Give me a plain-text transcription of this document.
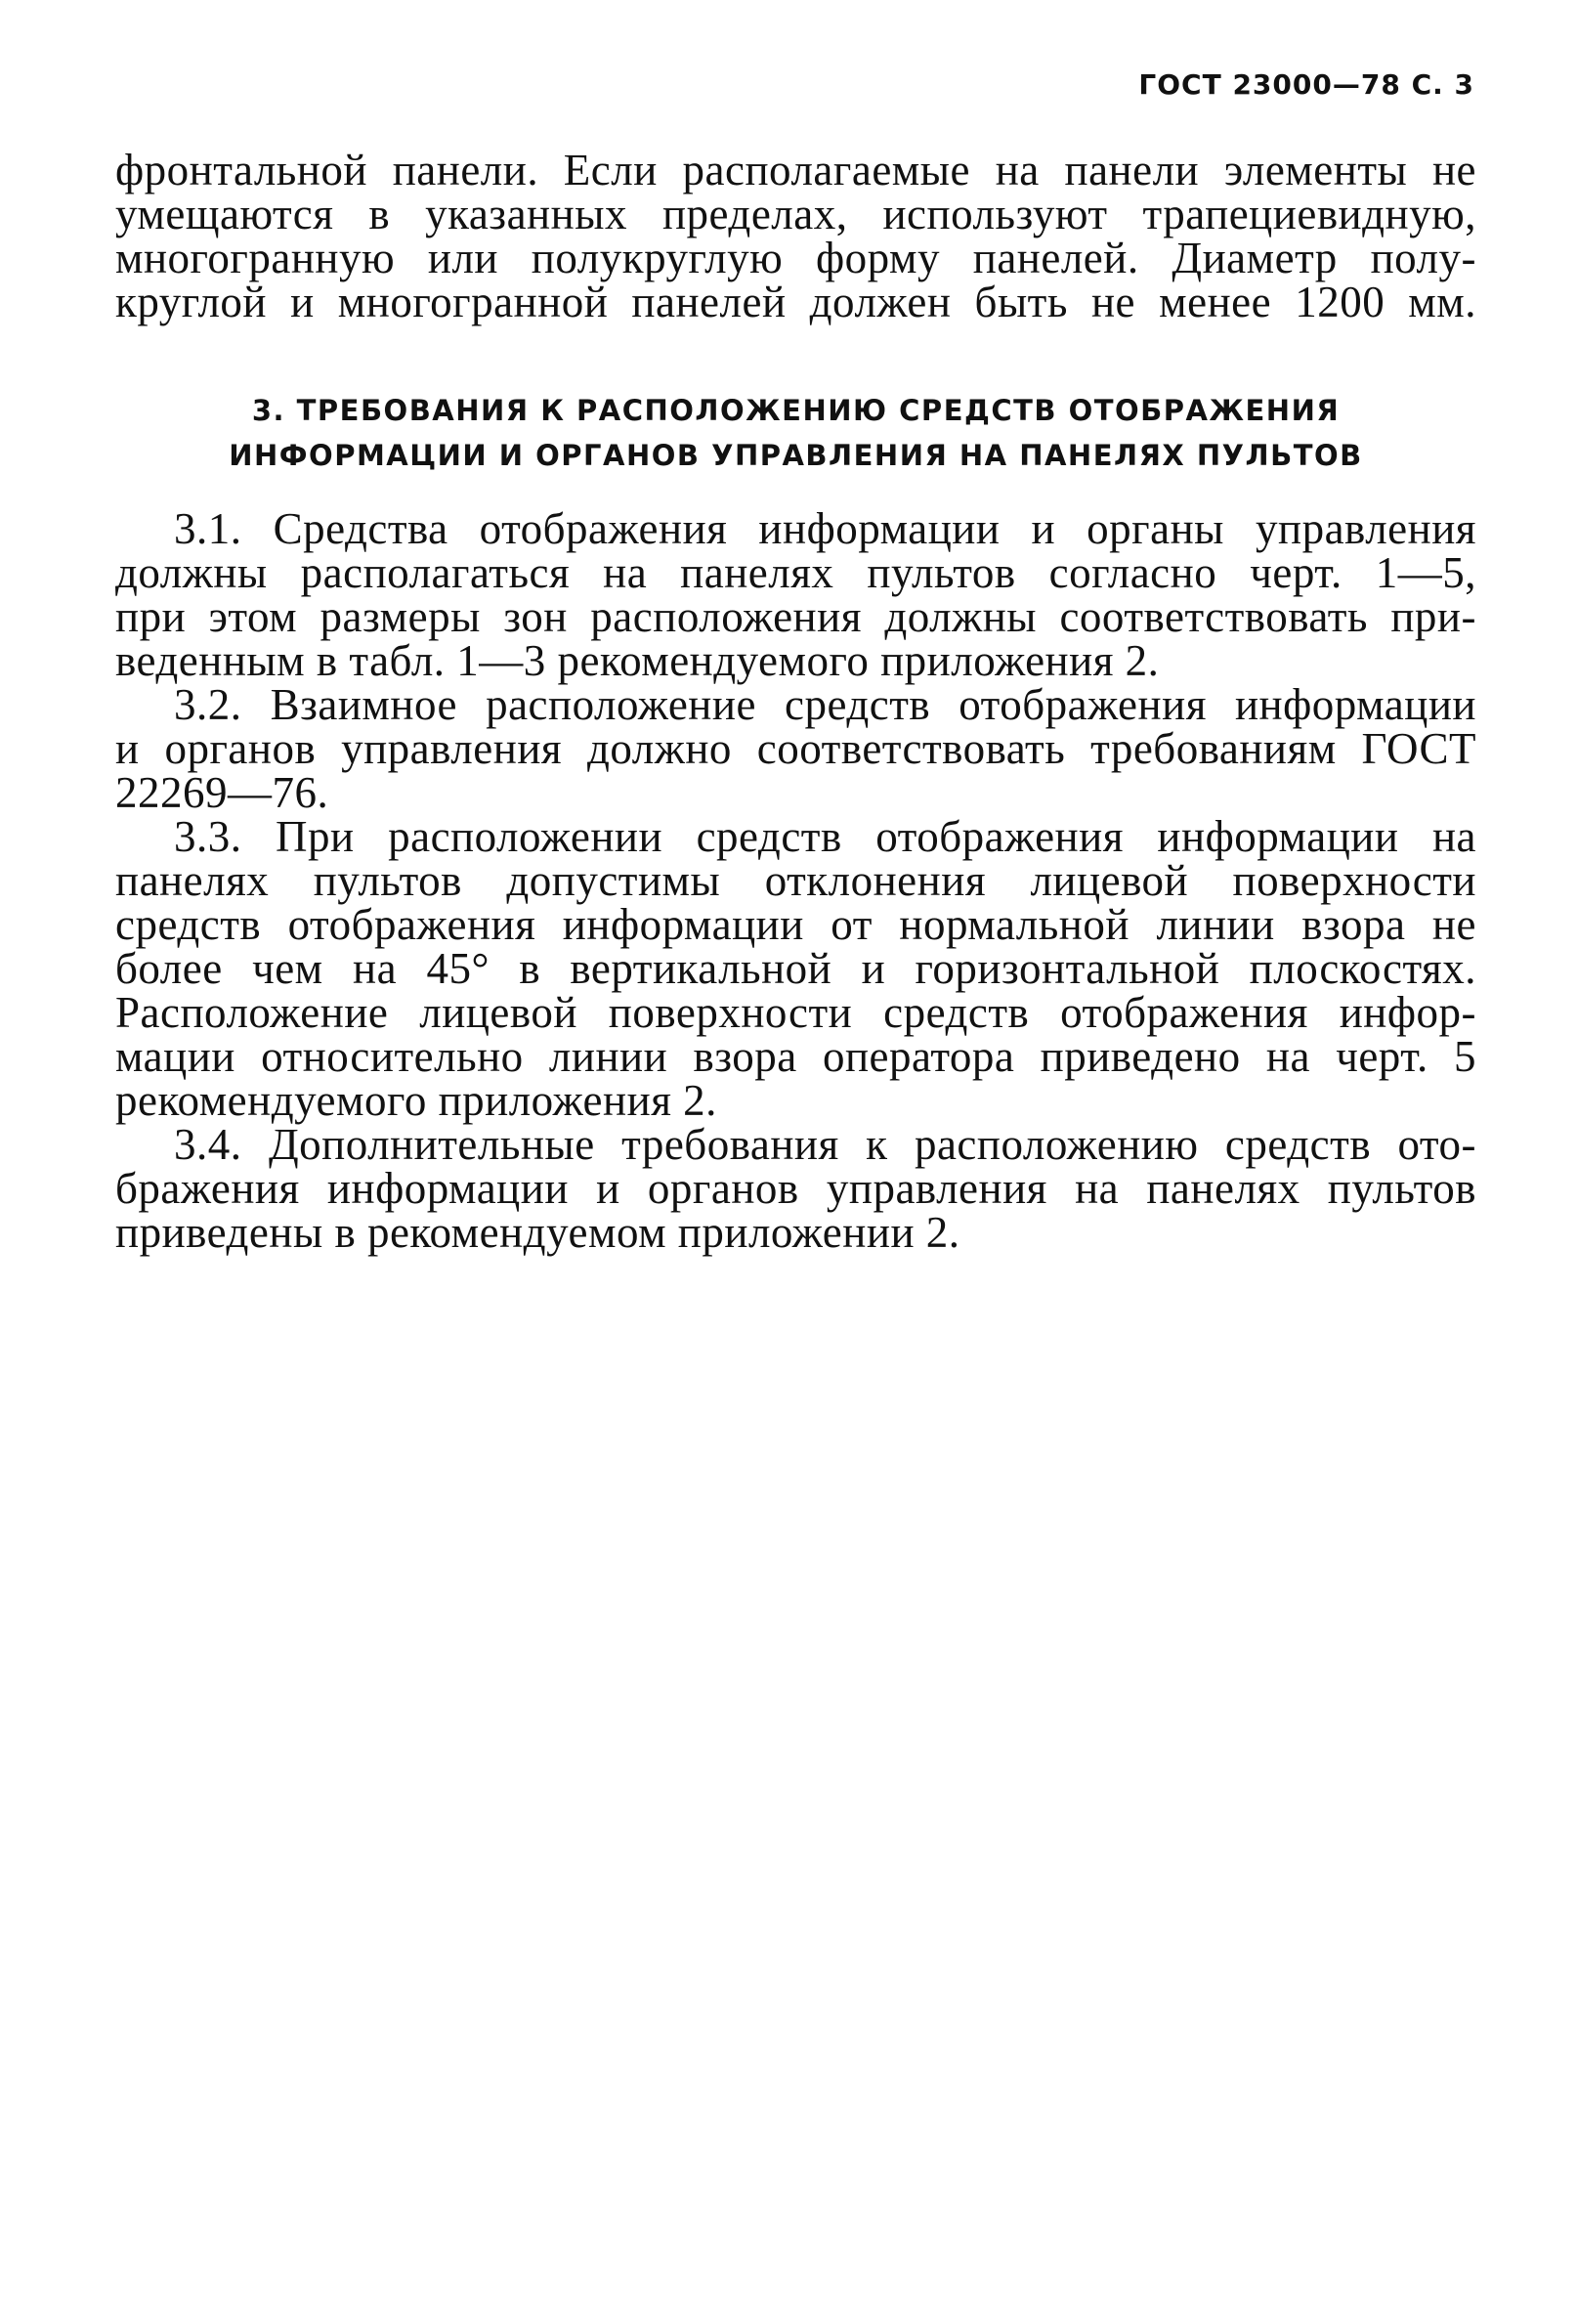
ГОСТ 23000—78 С. 3
фронтальной панели. Если располагаемые на панели элементы не
умещаются в указанных пределах, используют трапециевидную,
многогранную или полукруглую форму панелей. Диаметр полу-
круглой и многогранной панелей должен быть не менее 1200 мм.
3. ТРЕБОВАНИЯ К РАСПОЛОЖЕНИЮ СРЕДСТВ ОТОБРАЖЕНИЯ
ИНФОРМАЦИИ И ОРГАНОВ УПРАВЛЕНИЯ НА ПАНЕЛЯХ ПУЛЬТОВ
3.1. Средства отображения информации и органы управления
должны располагаться на панелях пультов согласно черт. 1—5,
при этом размеры зон расположения должны соответствовать при-
веденным в табл. 1—3 рекомендуемого приложения 2.
3.2. Взаимное расположение средств отображения информации
и органов управления должно соответствовать требованиям ГОСТ
22269—76.
3.3. При расположении средств отображения информации на
панелях пультов допустимы отклонения лицевой поверхности
средств отображения информации от нормальной линии взора не
более чем на 45° в вертикальной и горизонтальной плоскостях.
Расположение лицевой поверхности средств отображения инфор-
мации относительно линии взора оператора приведено на черт. 5
рекомендуемого приложения 2.
3.4. Дополнительные требования к расположению средств ото-
бражения информации и органов управления на панелях пультов
приведены в рекомендуемом приложении 2.
